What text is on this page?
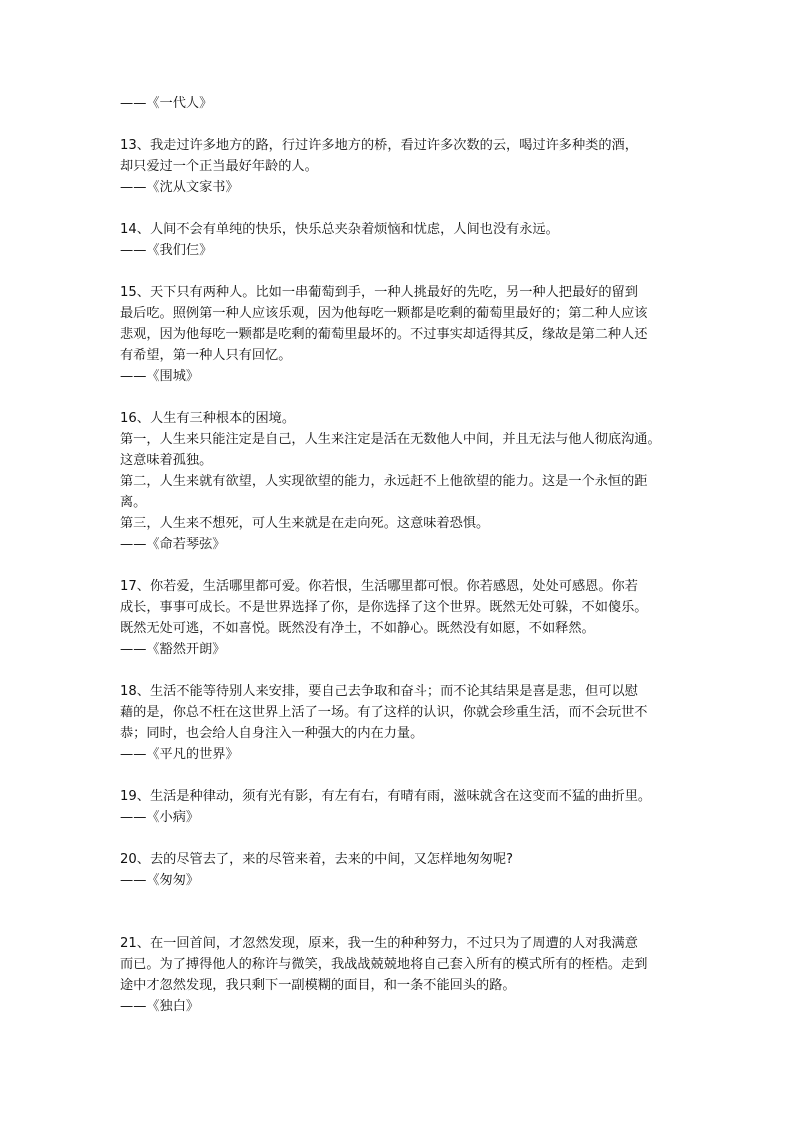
——《一代人》
13、我走过许多地方的路，行过许多地方的桥，看过许多次数的云，喝过许多种类的酒，
却只爱过一个正当最好年龄的人。
——《沈从文家书》
14、人间不会有单纯的快乐，快乐总夹杂着烦恼和忧虑，人间也没有永远。
——《我们仨》
15、天下只有两种人。比如一串葡萄到手，一种人挑最好的先吃，另一种人把最好的留到
最后吃。照例第一种人应该乐观，因为他每吃一颗都是吃剩的葡萄里最好的；第二种人应该
悲观，因为他每吃一颗都是吃剩的葡萄里最坏的。不过事实却适得其反，缘故是第二种人还
有希望，第一种人只有回忆。
——《围城》
16、人生有三种根本的困境。
第一，人生来只能注定是自己，人生来注定是活在无数他人中间，并且无法与他人彻底沟通。
这意味着孤独。
第二，人生来就有欲望，人实现欲望的能力，永远赶不上他欲望的能力。这是一个永恒的距
离。
第三，人生来不想死，可人生来就是在走向死。这意味着恐惧。
——《命若琴弦》
17、你若爱，生活哪里都可爱。你若恨，生活哪里都可恨。你若感恩，处处可感恩。你若
成长，事事可成长。不是世界选择了你，是你选择了这个世界。既然无处可躲，不如傻乐。
既然无处可逃，不如喜悦。既然没有净土，不如静心。既然没有如愿，不如释然。
——《豁然开朗》
18、生活不能等待别人来安排，要自己去争取和奋斗；而不论其结果是喜是悲，但可以慰
藉的是，你总不枉在这世界上活了一场。有了这样的认识，你就会珍重生活，而不会玩世不
恭；同时，也会给人自身注入一种强大的内在力量。
——《平凡的世界》
19、生活是种律动，须有光有影，有左有右，有晴有雨，滋味就含在这变而不猛的曲折里。
——《小病》
20、去的尽管去了，来的尽管来着，去来的中间，又怎样地匆匆呢?
——《匆匆》
21、在一回首间，才忽然发现，原来，我一生的种种努力，不过只为了周遭的人对我满意
而已。为了搏得他人的称许与微笑，我战战兢兢地将自己套入所有的模式所有的桎梏。走到
途中才忽然发现，我只剩下一副模糊的面目，和一条不能回头的路。
——《独白》
